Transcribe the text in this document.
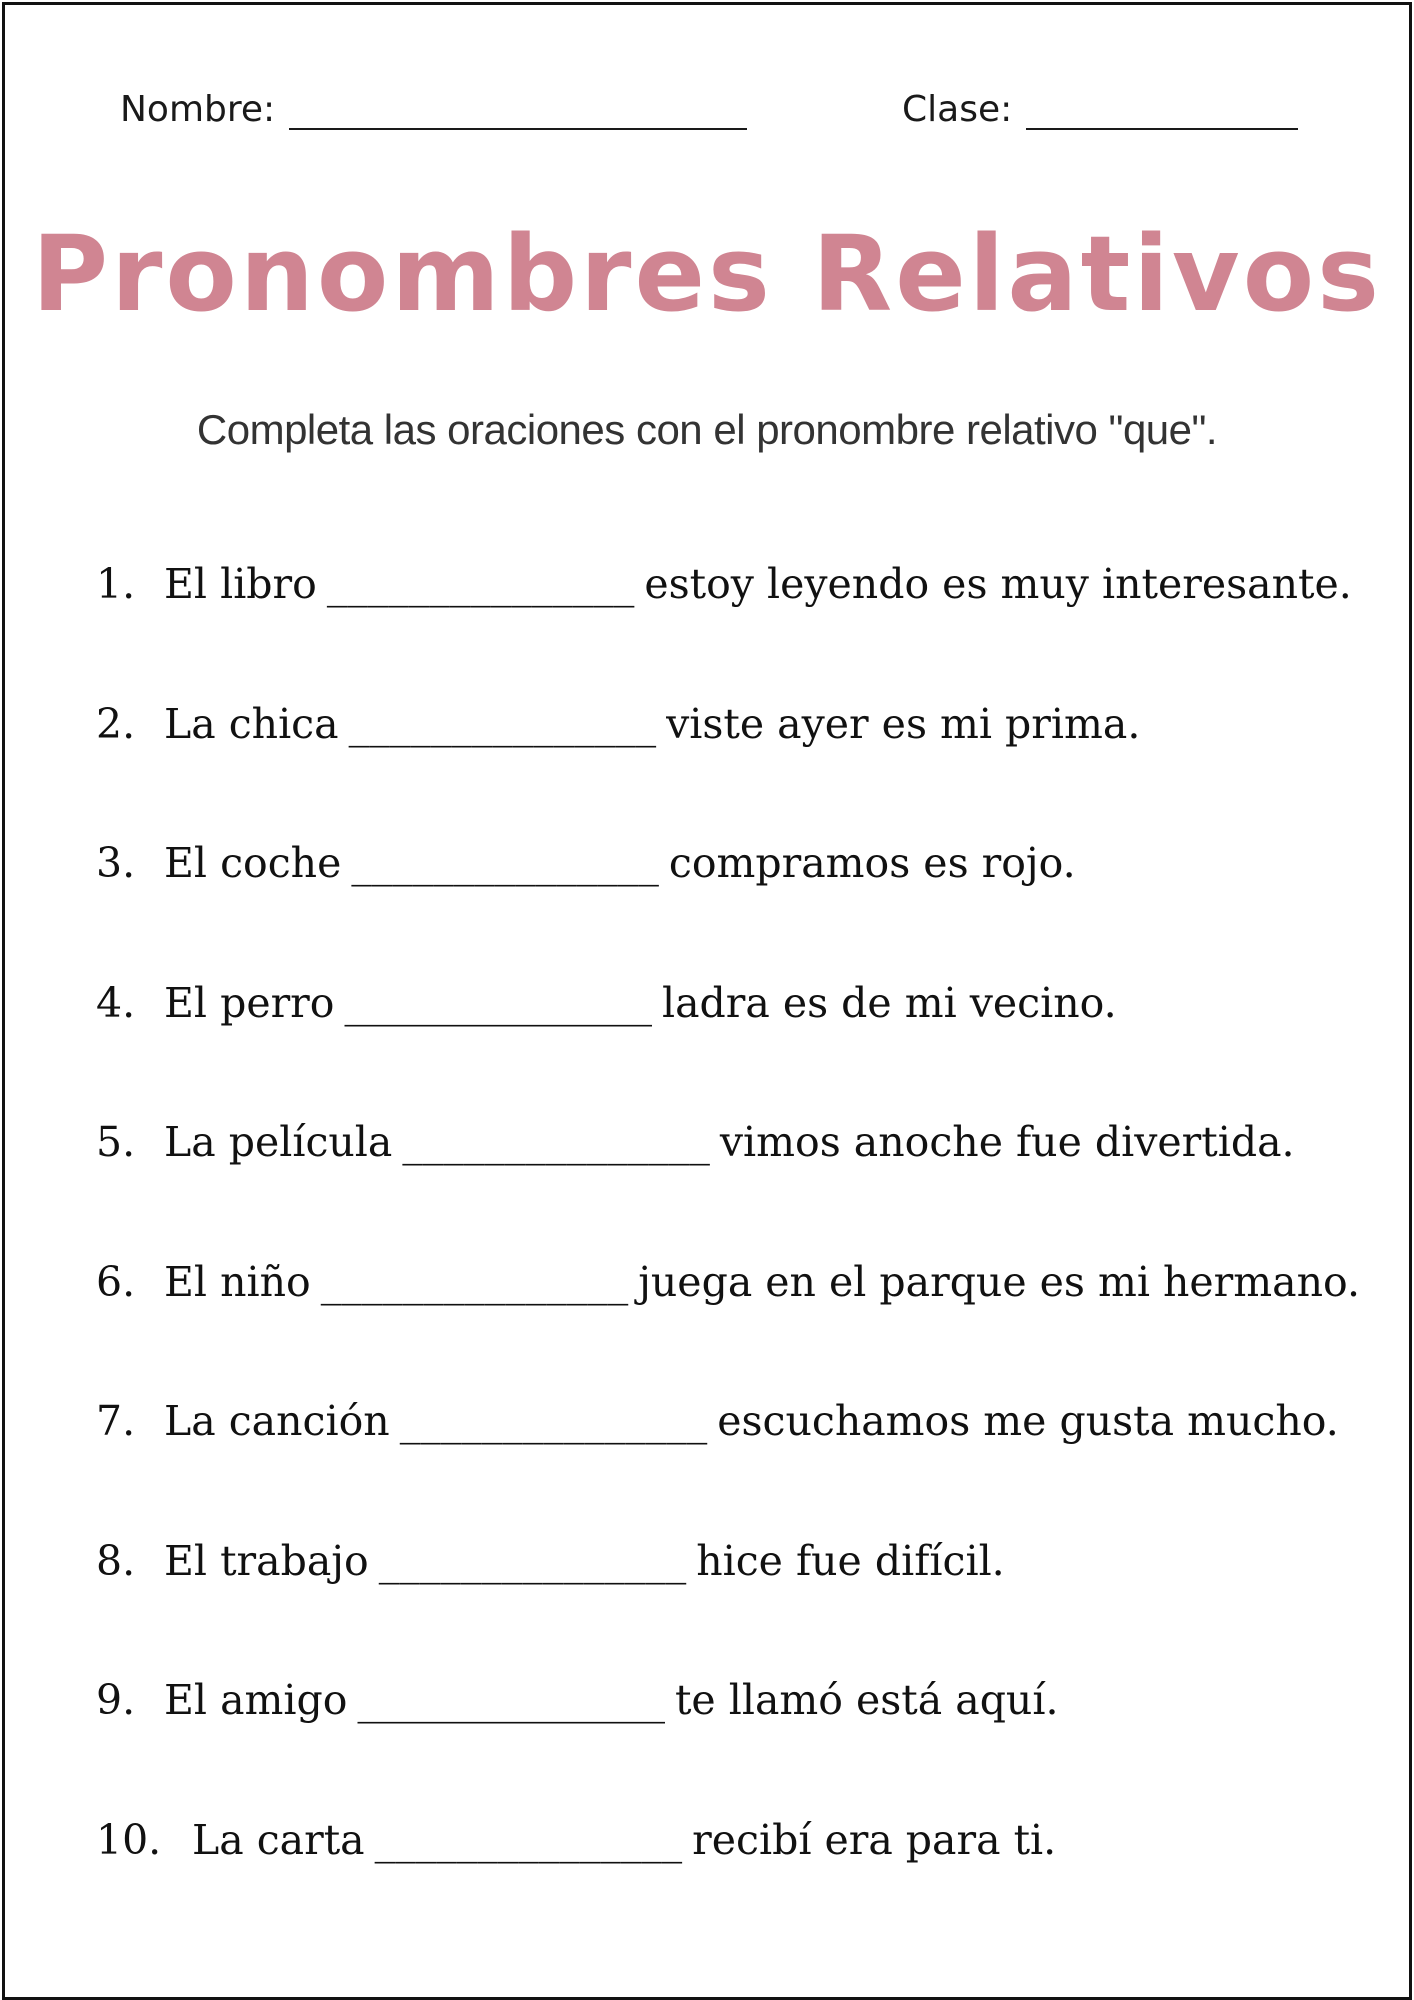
Nombre:	Clase:
Pronombres Relativos
Completa las oraciones con el pronombre relativo "que".
1. El libro _______________ estoy leyendo es muy interesante.
2. La chica _______________ viste ayer es mi prima.
3. El coche _______________ compramos es rojo.
4. El perro _______________ ladra es de mi vecino.
5. La película _______________ vimos anoche fue divertida.
6. El niño _______________ juega en el parque es mi hermano.
7. La canción _______________ escuchamos me gusta mucho.
8. El trabajo _______________ hice fue difícil.
9. El amigo _______________ te llamó está aquí.
10. La carta _______________ recibí era para ti.
